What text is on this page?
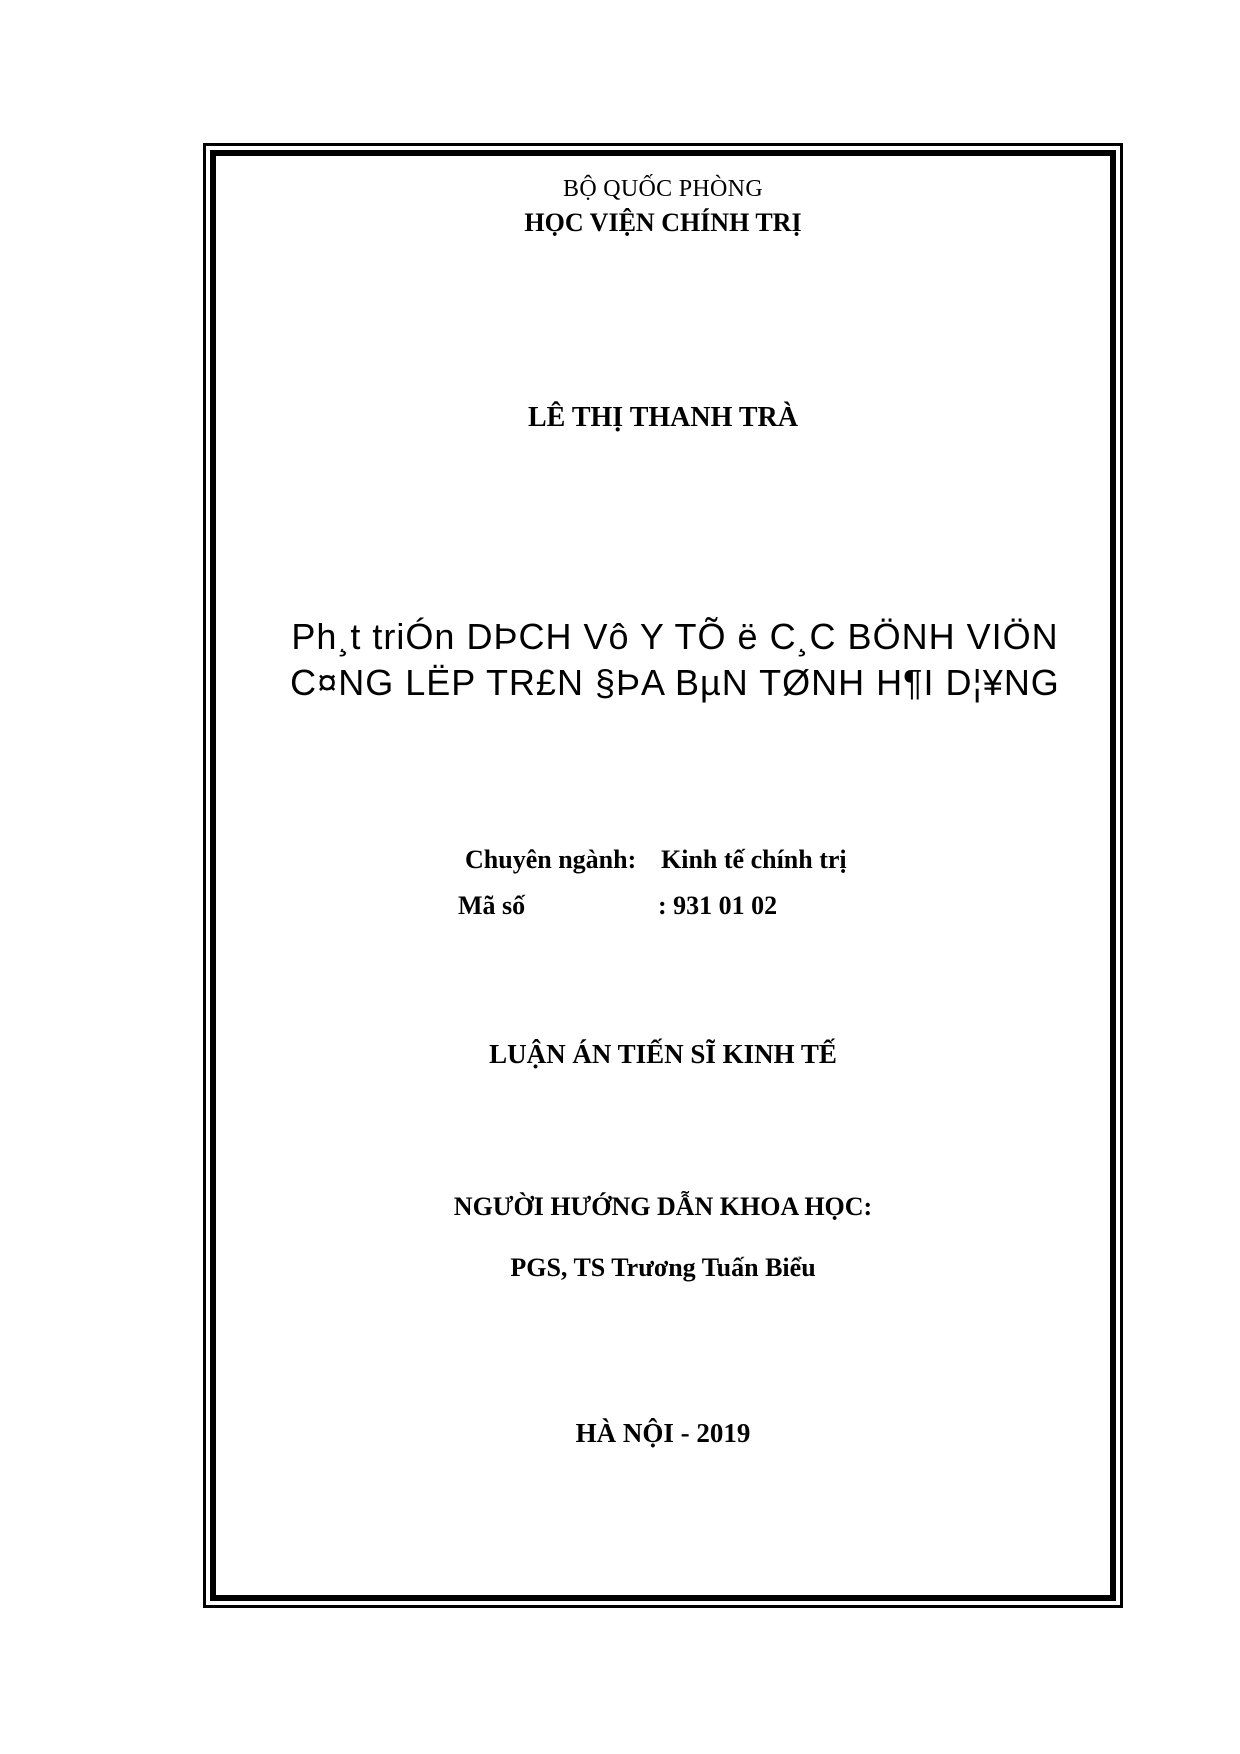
BỘ QUỐC PHÒNG
HỌC VIỆN CHÍNH TRỊ
LÊ THỊ THANH TRÀ
Ph¸t triÓn DÞCH Vô Y TÕ ë C¸C BÖNH VIÖN
C¤NG LËP TR£N §ÞA BµN TØNH H¶I D¦¥NG
Chuyên ngành: Kinh tế chính trị
Mã số	: 931 01 02
LUẬN ÁN TIẾN SĨ KINH TẾ
NGƯỜI HƯỚNG DẪN KHOA HỌC:
PGS, TS Trương Tuấn Biểu
HÀ NỘI - 2019
